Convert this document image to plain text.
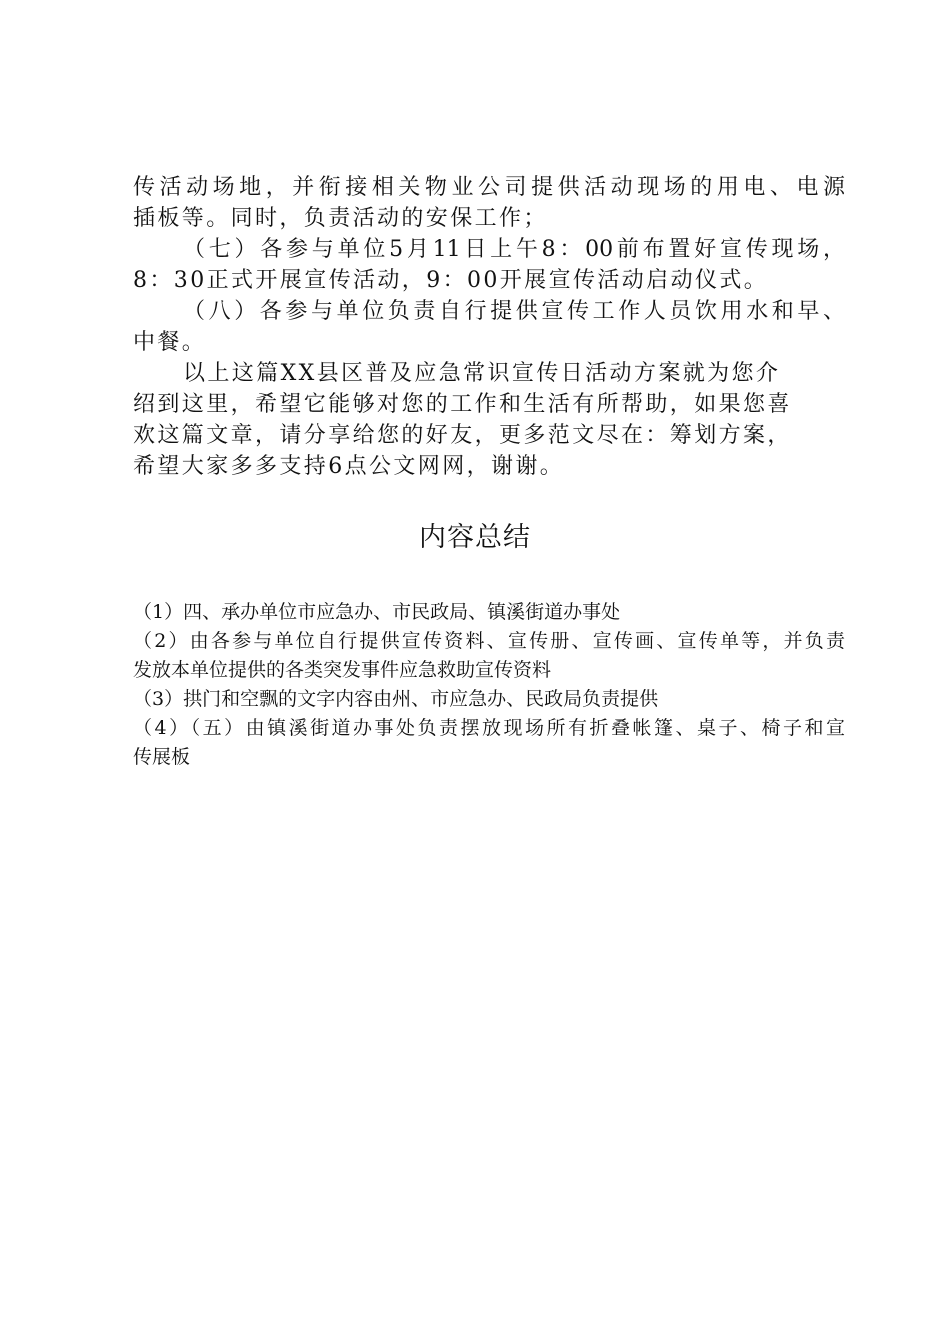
传活动场地，并衔接相关物业公司提供活动现场的用电、电源
插板等。同时，负责活动的安保工作；
（七）各参与单位5月11日上午8：00前布置好宣传现场，
8：30正式开展宣传活动，9：00开展宣传活动启动仪式。
（八）各参与单位负责自行提供宣传工作人员饮用水和早、
中餐。
以上这篇XX县区普及应急常识宣传日活动方案就为您介
绍到这里，希望它能够对您的工作和生活有所帮助，如果您喜
欢这篇文章，请分享给您的好友，更多范文尽在：筹划方案，
希望大家多多支持6点公文网网，谢谢。
内容总结
（1）四、承办单位市应急办、市民政局、镇溪街道办事处
（2）由各参与单位自行提供宣传资料、宣传册、宣传画、宣传单等，并负责
发放本单位提供的各类突发事件应急救助宣传资料
（3）拱门和空飘的文字内容由州、市应急办、民政局负责提供
（4）（五）由镇溪街道办事处负责摆放现场所有折叠帐篷、桌子、椅子和宣
传展板
